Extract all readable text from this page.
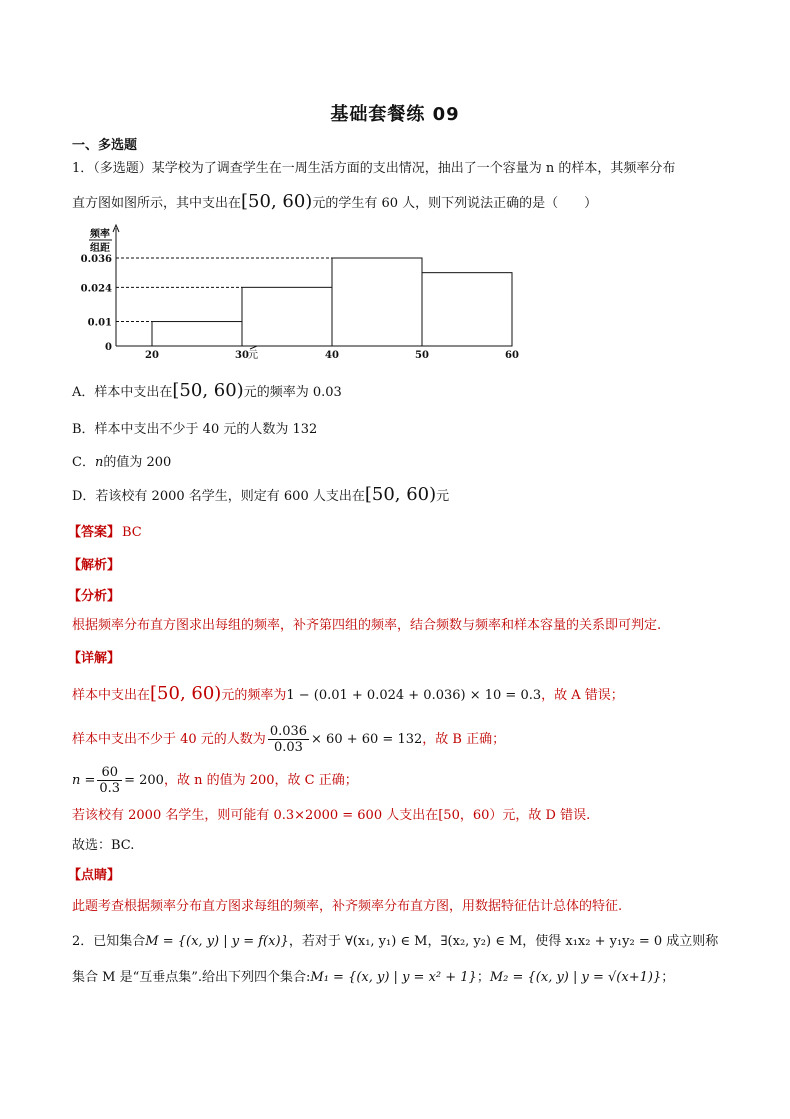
基础套餐练 09
一、多选题
1．（多选题）某学校为了调查学生在一周生活方面的支出情况，抽出了一个容量为 n 的样本，其频率分布
直方图如图所示，其中支出在[50, 60)元的学生有 60 人，则下列说法正确的是（　　）
0
0.01
0.024
0.036
20	30	40	50	60
元
频率
组距
A．样本中支出在[50, 60)元的频率为 0.03
B．样本中支出不少于 40 元的人数为 132
C．n的值为 200
D．若该校有 2000 名学生，则定有 600 人支出在[50, 60)元
【答案】 BC
【解析】
【分析】
根据频率分布直方图求出每组的频率，补齐第四组的频率，结合频数与频率和样本容量的关系即可判定.
【详解】
样本中支出在[50, 60)元的频率为1 − (0.01 + 0.024 + 0.036) × 10 = 0.3，故 A 错误；
样本中支出不少于 40 元的人数为 $\frac{0.036}{0.03} \times 60 + 60 = 132$，故 B 正确；
$n = \frac{60}{0.3} = 200$，故 n 的值为 200，故 C 正确；
若该校有 2000 名学生，则可能有 0.3×2000 = 600 人支出在[50，60）元，故 D 错误.
故选：BC.
【点睛】
此题考查根据频率分布直方图求每组的频率，补齐频率分布直方图，用数据特征估计总体的特征.
2．已知集合M = {(x, y) | y = f(x)}，若对于 ∀(x₁, y₁) ∈ M，∃(x₂, y₂) ∈ M，使得 x₁x₂ + y₁y₂ = 0 成立则称
集合 M 是“互垂点集”.给出下列四个集合:M₁ = {(x, y) | y = x² + 1}；M₂ = {(x, y) | y = √(x+1)}；
